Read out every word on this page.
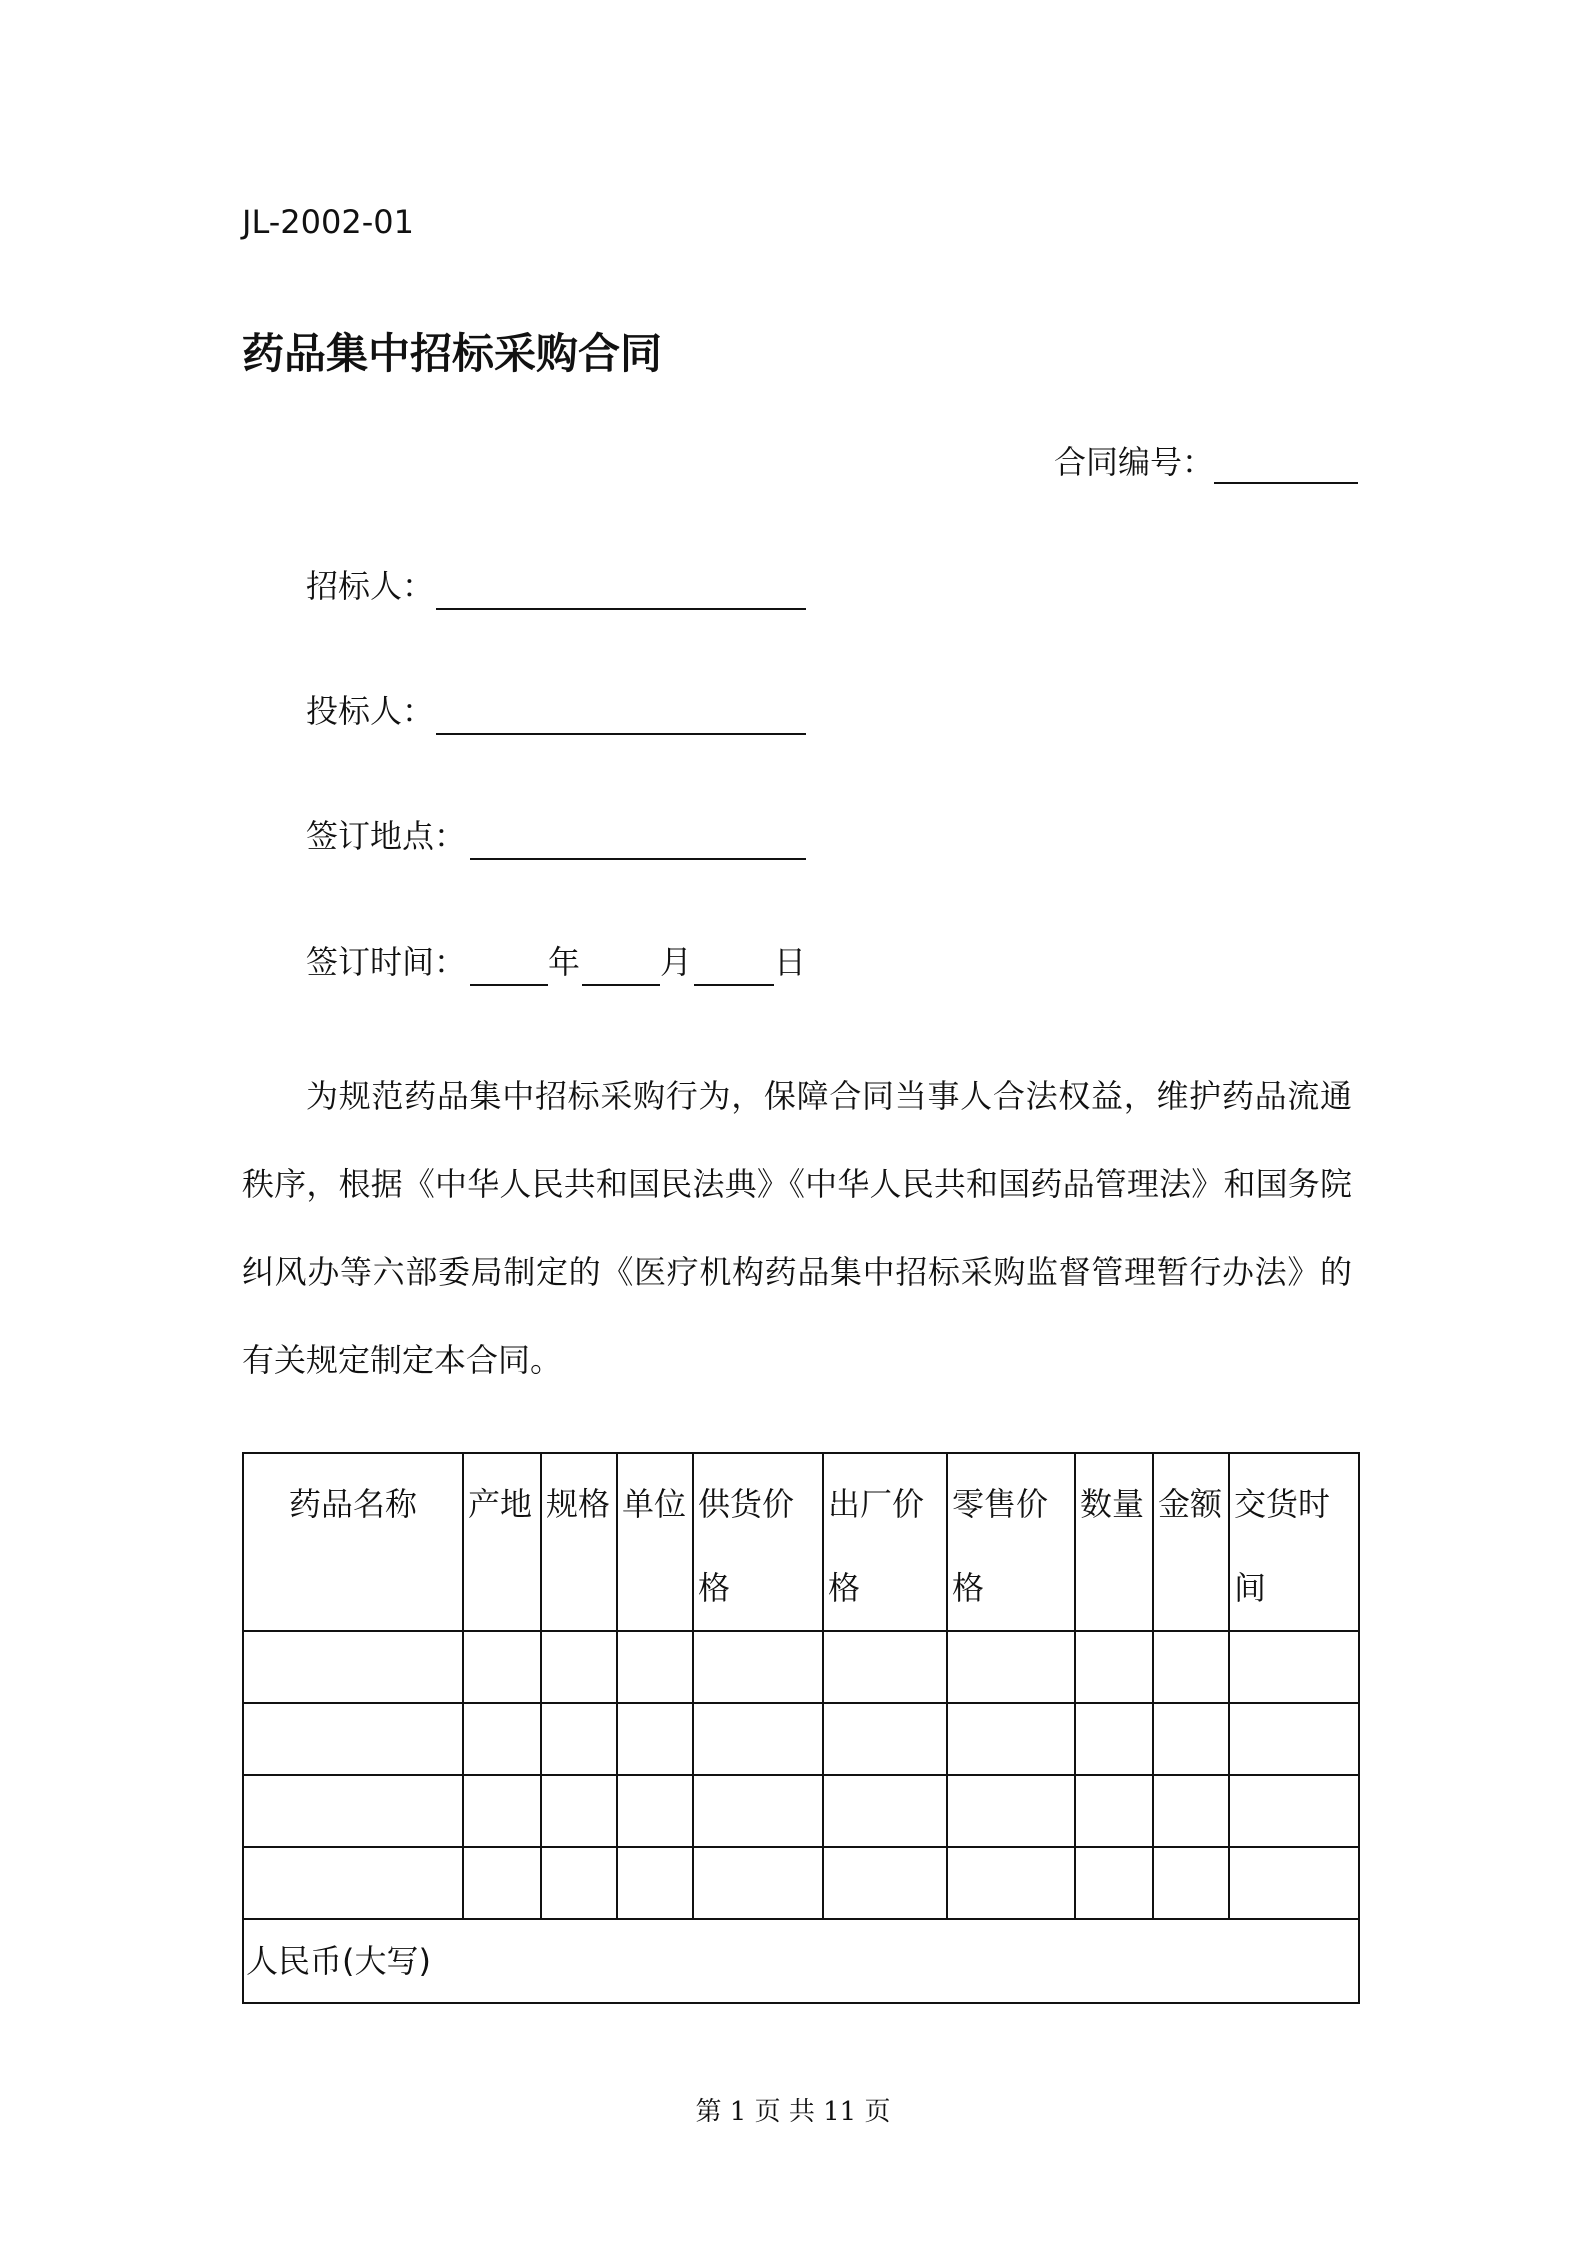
JL-2002-01
药品集中招标采购合同
合同编号：
招标人：
投标人：
签订地点：
签订时间：	年 月	日

为规范药品集中招标采购行为，保障合同当事人合法权益，维护药品流通秩序，根据《中华人民共和国民法典》《中华人民共和国药品管理法》和国务院纠风办等六部委局制定的《医疗机构药品集中招标采购监督管理暂行办法》的有关规定制定本合同。

药品名称	产地	规格	单位	供货价格	出厂价格	零售价格	数量	金额	交货时间

人民币(大写)									
第 1 页 共 11 页
